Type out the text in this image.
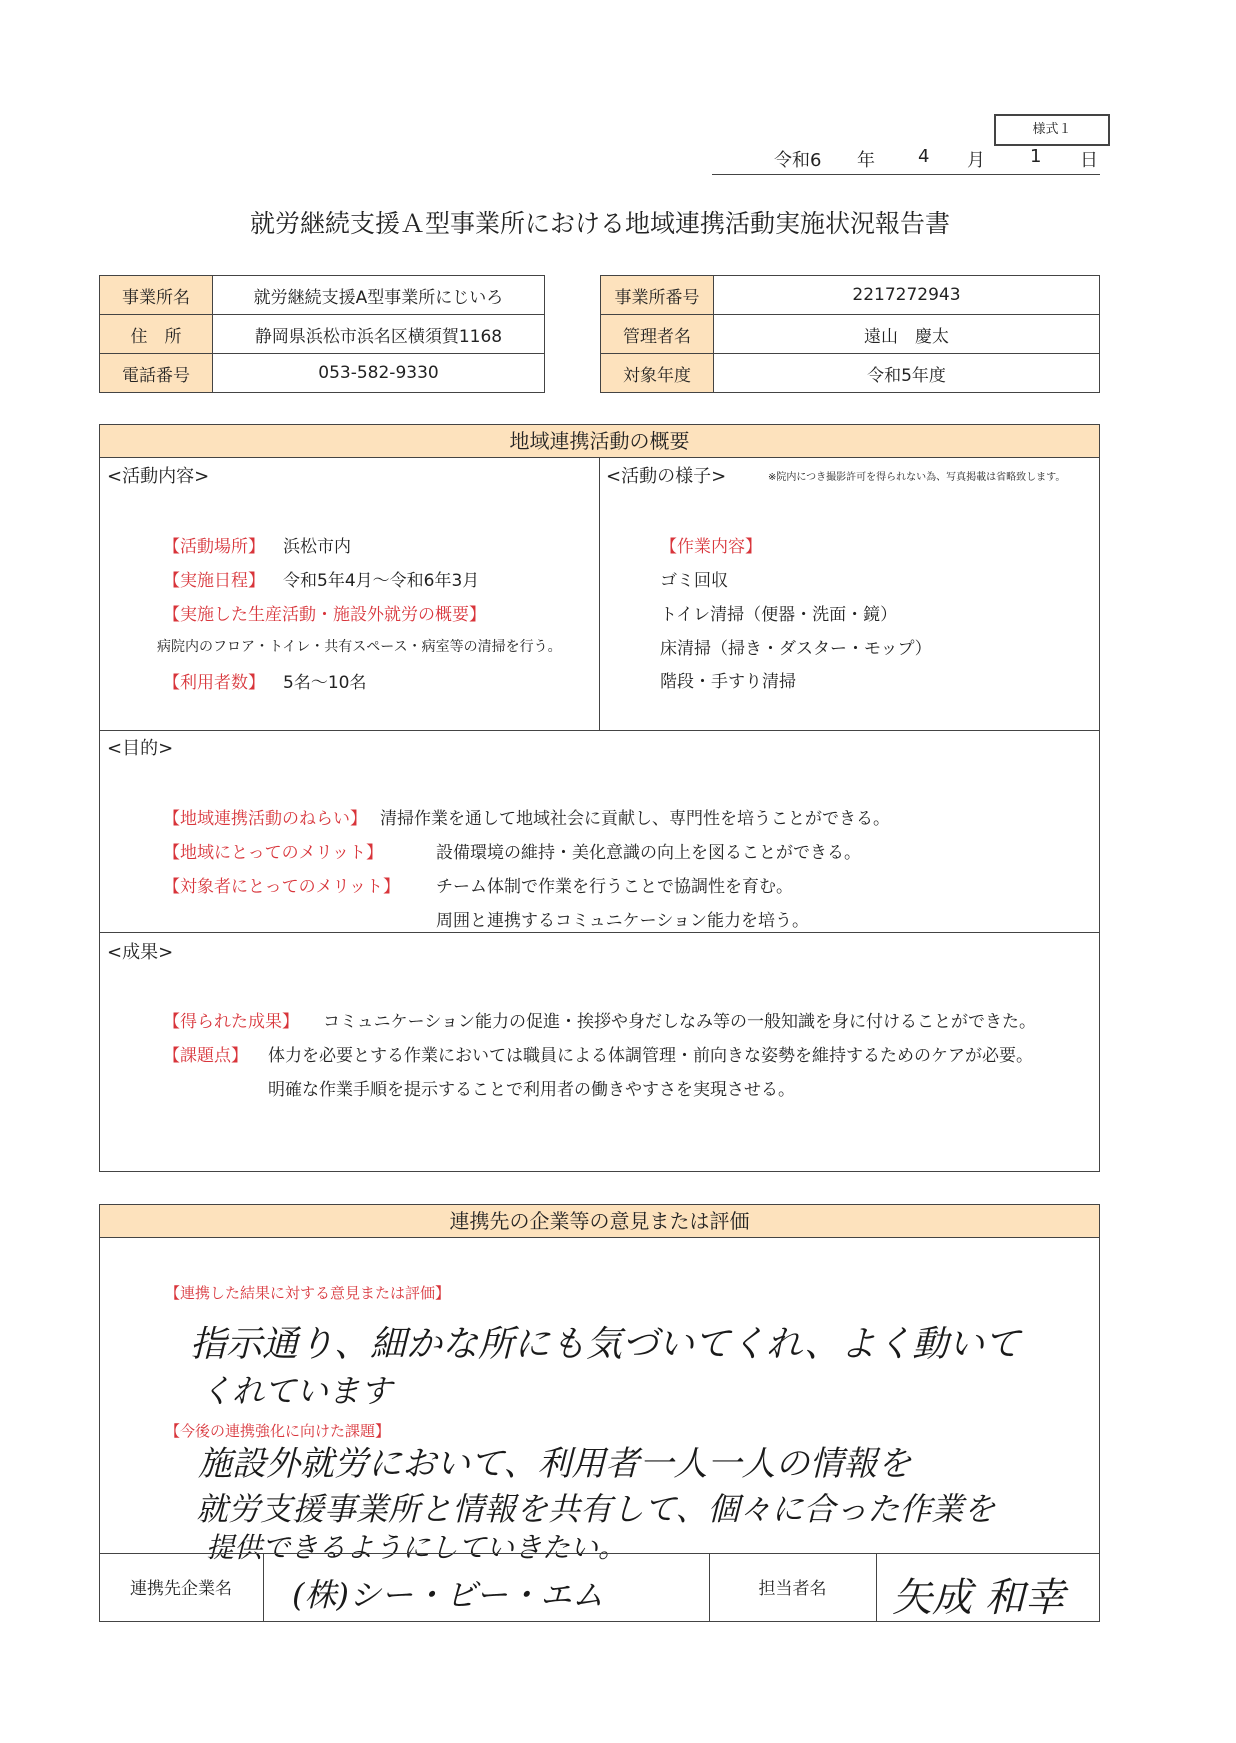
様式１
令和6 年 4 月	1 日
就労継続支援Ａ型事業所における地域連携活動実施状況報告書
事業所名	就労継続支援A型事業所にじいろ
住　所	静岡県浜松市浜名区横須賀1168
電話番号	053-582-9330
事業所番号	2217272943
管理者名	遠山　慶太
対象年度	令和5年度
地域連携活動の概要
<活動内容>
【活動場所】 浜松市内
【実施日程】 令和5年4月～令和6年3月
【実施した生産活動・施設外就労の概要】
病院内のフロア・トイレ・共有スペース・病室等の清掃を行う。
【利用者数】 5名～10名
<活動の様子>	※院内につき撮影許可を得られない為、写真掲載は省略致します。
【作業内容】
ゴミ回収
トイレ清掃（便器・洗面・鏡）
床清掃（掃き・ダスター・モップ）
階段・手すり清掃
<目的>
【地域連携活動のねらい】 清掃作業を通して地域社会に貢献し、専門性を培うことができる。
【地域にとってのメリット】	設備環境の維持・美化意識の向上を図ることができる。
【対象者にとってのメリット】 チーム体制で作業を行うことで協調性を育む。
周囲と連携するコミュニケーション能力を培う。
<成果>
【得られた成果】 コミュニケーション能力の促進・挨拶や身だしなみ等の一般知識を身に付けることができた。
【課題点】 体力を必要とする作業においては職員による体調管理・前向きな姿勢を維持するためのケアが必要。
明確な作業手順を提示することで利用者の働きやすさを実現させる。
連携先の企業等の意見または評価
【連携した結果に対する意見または評価】
指示通り、細かな所にも気づいてくれ、よく動いて
くれています
【今後の連携強化に向けた課題】
施設外就労において、利用者一人一人の情報を
就労支援事業所と情報を共有して、個々に合った作業を
提供できるようにしていきたい。
連携先企業名	(株)シー・ビー・エム	担当者名	矢成 和幸
